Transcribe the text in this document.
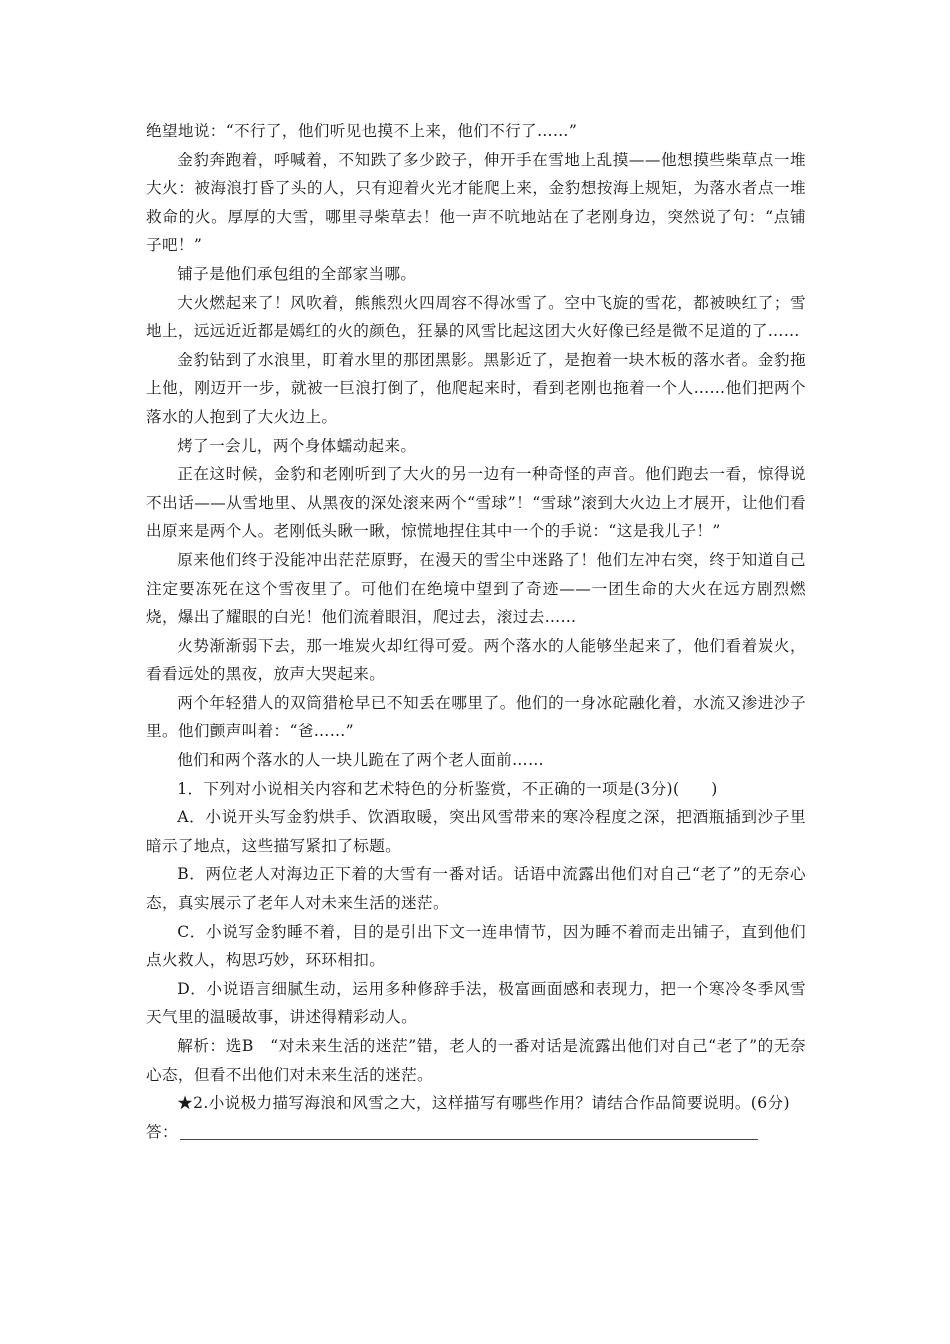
绝望地说：“不行了，他们听见也摸不上来，他们不行了……”

金豹奔跑着，呼喊着，不知跌了多少跤子，伸开手在雪地上乱摸——他想摸些柴草点一堆大火：被海浪打昏了头的人，只有迎着火光才能爬上来，金豹想按海上规矩，为落水者点一堆救命的火。厚厚的大雪，哪里寻柴草去！他一声不吭地站在了老刚身边，突然说了句：“点铺子吧！”

铺子是他们承包组的全部家当哪。

大火燃起来了！风吹着，熊熊烈火四周容不得冰雪了。空中飞旋的雪花，都被映红了；雪地上，远远近近都是嫣红的火的颜色，狂暴的风雪比起这团大火好像已经是微不足道的了……

金豹钻到了水浪里，盯着水里的那团黑影。黑影近了，是抱着一块木板的落水者。金豹拖上他，刚迈开一步，就被一巨浪打倒了，他爬起来时，看到老刚也拖着一个人……他们把两个落水的人抱到了大火边上。

烤了一会儿，两个身体蠕动起来。

正在这时候，金豹和老刚听到了大火的另一边有一种奇怪的声音。他们跑去一看，惊得说不出话——从雪地里、从黑夜的深处滚来两个“雪球”！“雪球”滚到大火边上才展开，让他们看出原来是两个人。老刚低头瞅一瞅，惊慌地捏住其中一个的手说：“这是我儿子！”

原来他们终于没能冲出茫茫原野，在漫天的雪尘中迷路了！他们左冲右突，终于知道自己注定要冻死在这个雪夜里了。可他们在绝境中望到了奇迹——一团生命的大火在远方剧烈燃烧，爆出了耀眼的白光！他们流着眼泪，爬过去，滚过去……

火势渐渐弱下去，那一堆炭火却红得可爱。两个落水的人能够坐起来了，他们看着炭火，看看远处的黑夜，放声大哭起来。

两个年轻猎人的双筒猎枪早已不知丢在哪里了。他们的一身冰砣融化着，水流又渗进沙子里。他们颤声叫着：“爸……”

他们和两个落水的人一块儿跪在了两个老人面前……

1．下列对小说相关内容和艺术特色的分析鉴赏，不正确的一项是(3分)(　　)

A．小说开头写金豹烘手、饮酒取暖，突出风雪带来的寒冷程度之深，把酒瓶插到沙子里暗示了地点，这些描写紧扣了标题。

B．两位老人对海边正下着的大雪有一番对话。话语中流露出他们对自己“老了”的无奈心态，真实展示了老年人对未来生活的迷茫。

C．小说写金豹睡不着，目的是引出下文一连串情节，因为睡不着而走出铺子，直到他们点火救人，构思巧妙，环环相扣。

D．小说语言细腻生动，运用多种修辞手法，极富画面感和表现力，把一个寒冷冬季风雪天气里的温暖故事，讲述得精彩动人。

解析：选B　“对未来生活的迷茫”错，老人的一番对话是流露出他们对自己“老了”的无奈心态，但看不出他们对未来生活的迷茫。

★2.小说极力描写海浪和风雪之大，这样描写有哪些作用？请结合作品简要说明。(6分)

答：
